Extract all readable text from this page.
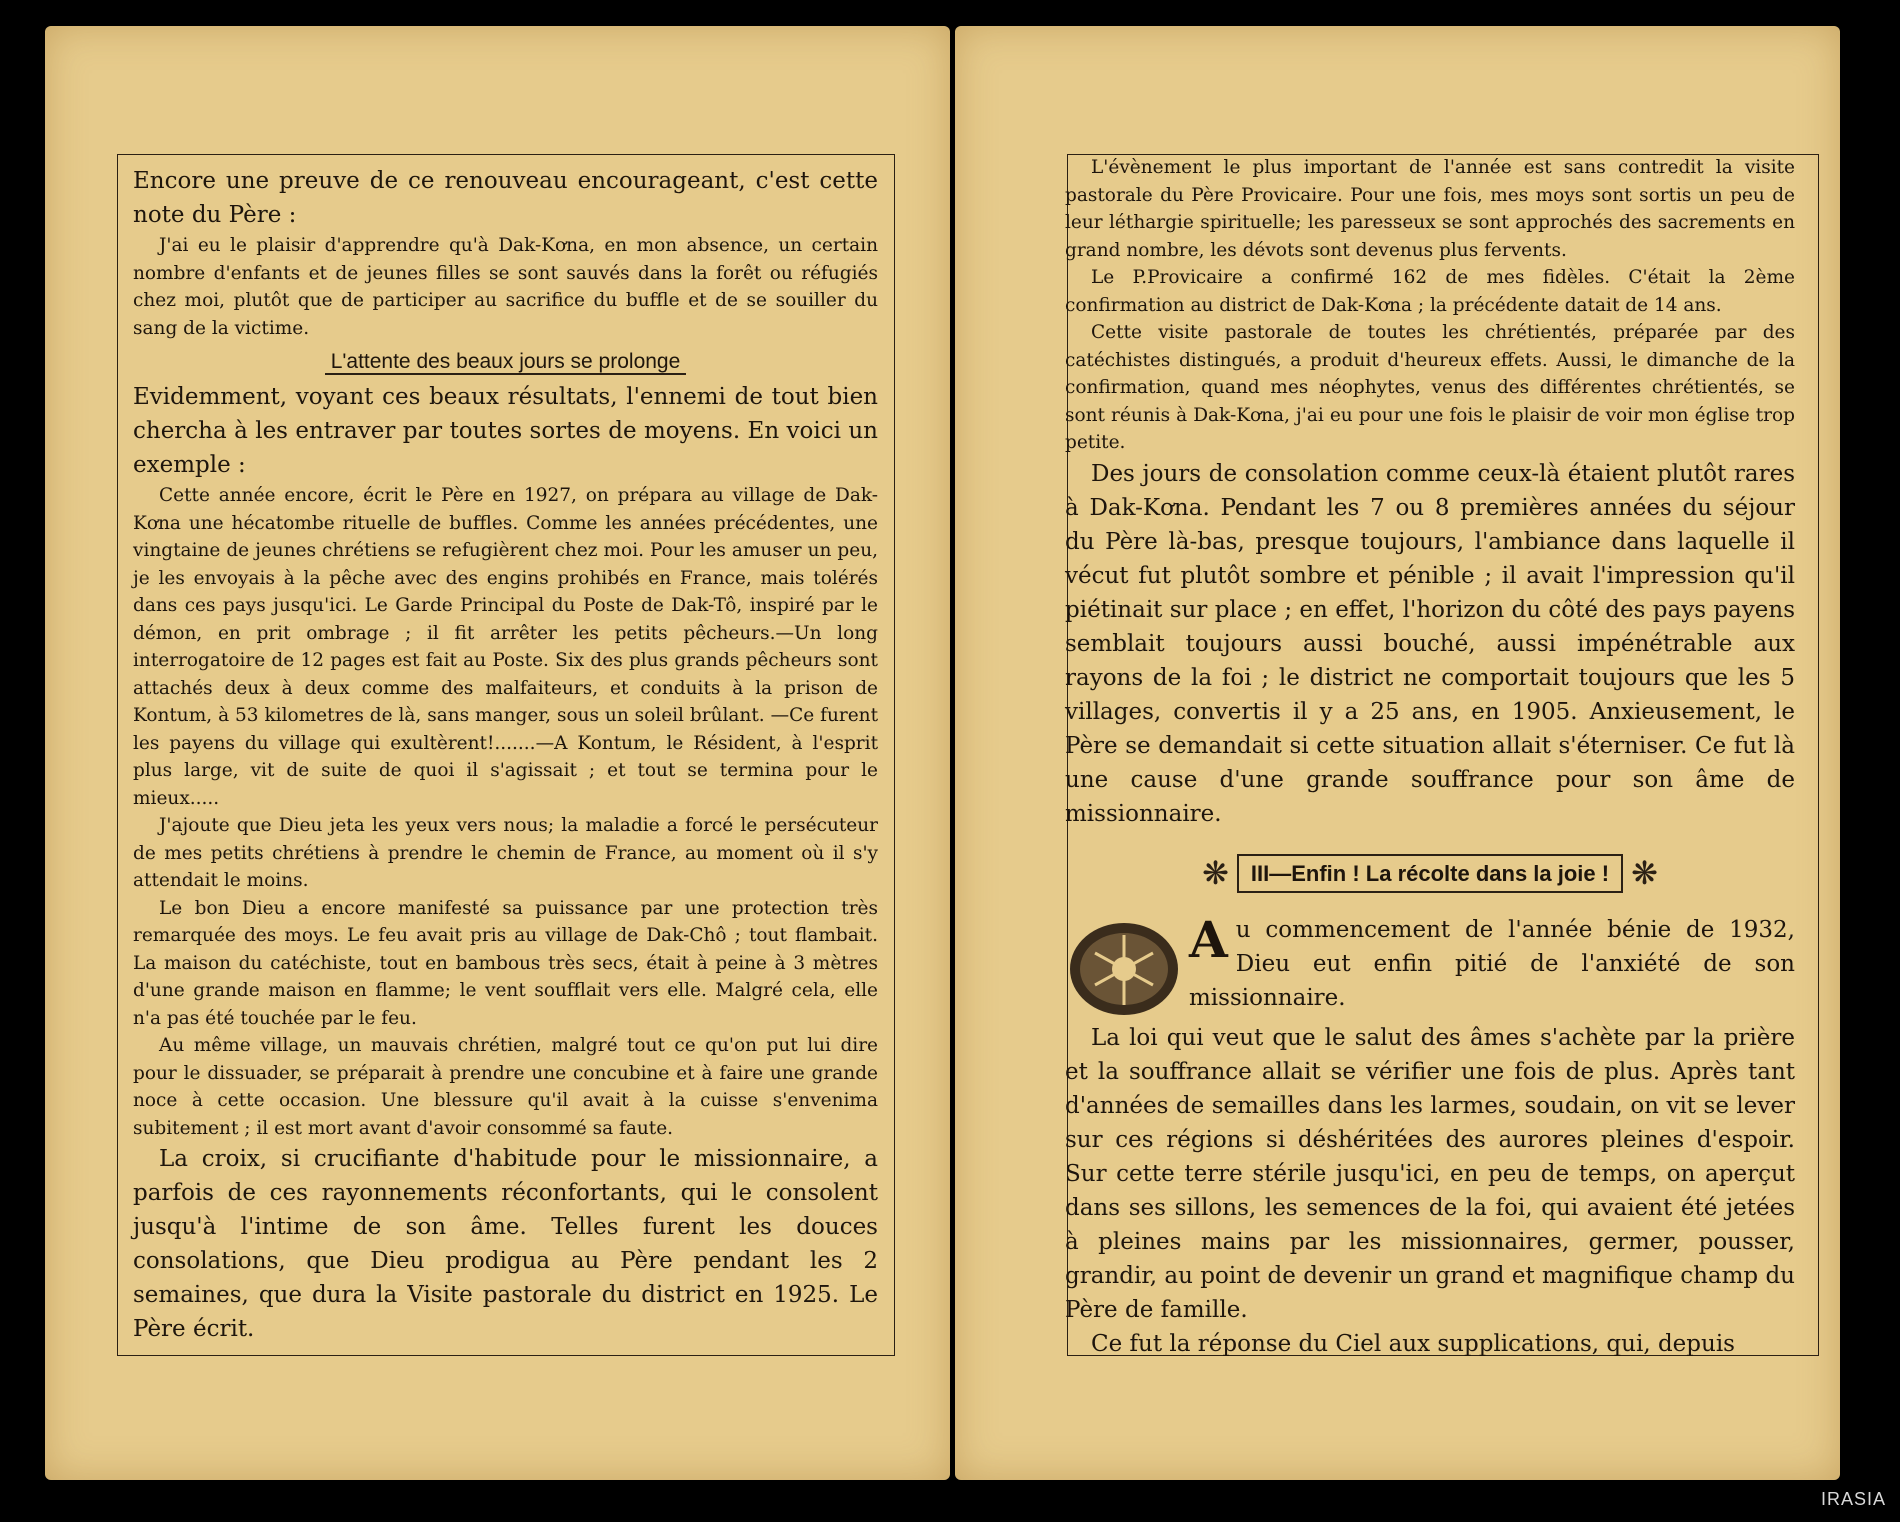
Encore une preuve de ce renouveau encourageant, c'est cette note du Père :

J'ai eu le plaisir d'apprendre qu'à Dak-Kơna, en mon absence, un certain nombre d'enfants et de jeunes filles se sont sauvés dans la forêt ou réfugiés chez moi, plutôt que de participer au sacrifice du buffle et de se souiller du sang de la victime.

L'attente des beaux jours se prolonge

Evidemment, voyant ces beaux résultats, l'ennemi de tout bien chercha à les entraver par toutes sortes de moyens. En voici un exemple :

Cette année encore, écrit le Père en 1927, on prépara au village de Dak-Kơna une hécatombe rituelle de buffles. Comme les années précédentes, une vingtaine de jeunes chrétiens se refugièrent chez moi. Pour les amuser un peu, je les envoyais à la pêche avec des engins prohibés en France, mais tolérés dans ces pays jusqu'ici. Le Garde Principal du Poste de Dak-Tô, inspiré par le démon, en prit ombrage ; il fit arrêter les petits pêcheurs.—Un long interrogatoire de 12 pages est fait au Poste. Six des plus grands pêcheurs sont attachés deux à deux comme des malfaiteurs, et conduits à la prison de Kontum, à 53 kilometres de là, sans manger, sous un soleil brûlant. —Ce furent les payens du village qui exultèrent!.......—A Kontum, le Résident, à l'esprit plus large, vit de suite de quoi il s'agissait ; et tout se termina pour le mieux.....

J'ajoute que Dieu jeta les yeux vers nous; la maladie a forcé le persécuteur de mes petits chrétiens à prendre le chemin de France, au moment où il s'y attendait le moins.

Le bon Dieu a encore manifesté sa puissance par une protection très remarquée des moys. Le feu avait pris au village de Dak-Chô ; tout flambait. La maison du catéchiste, tout en bambous très secs, était à peine à 3 mètres d'une grande maison en flamme; le vent soufflait vers elle. Malgré cela, elle n'a pas été touchée par le feu.

Au même village, un mauvais chrétien, malgré tout ce qu'on put lui dire pour le dissuader, se préparait à prendre une concubine et à faire une grande noce à cette occasion. Une blessure qu'il avait à la cuisse s'envenima subitement ; il est mort avant d'avoir consommé sa faute.

La croix, si crucifiante d'habitude pour le missionnaire, a parfois de ces rayonnements réconfortants, qui le consolent jusqu'à l'intime de son âme. Telles furent les douces consolations, que Dieu prodigua au Père pendant les 2 semaines, que dura la Visite pastorale du district en 1925. Le Père écrit.

L'évènement le plus important de l'année est sans contredit la visite pastorale du Père Provicaire. Pour une fois, mes moys sont sortis un peu de leur léthargie spirituelle; les paresseux se sont approchés des sacrements en grand nombre, les dévots sont devenus plus fervents.

Le P.Provicaire a confirmé 162 de mes fidèles. C'était la 2ème confirmation au district de Dak-Kơna ; la précédente datait de 14 ans.

Cette visite pastorale de toutes les chrétientés, préparée par des catéchistes distingués, a produit d'heureux effets. Aussi, le dimanche de la confirmation, quand mes néophytes, venus des différentes chrétientés, se sont réunis à Dak-Kơna, j'ai eu pour une fois le plaisir de voir mon église trop petite.

Des jours de consolation comme ceux-là étaient plutôt rares à Dak-Kơna. Pendant les 7 ou 8 premières années du séjour du Père là-bas, presque toujours, l'ambiance dans laquelle il vécut fut plutôt sombre et pénible ; il avait l'impression qu'il piétinait sur place ; en effet, l'horizon du côté des pays payens semblait toujours aussi bouché, aussi impénétrable aux rayons de la foi ; le district ne comportait toujours que les 5 villages, convertis il y a 25 ans, en 1905. Anxieusement, le Père se demandait si cette situation allait s'éterniser. Ce fut là une cause d'une grande souffrance pour son âme de missionnaire.

❋	III—Enfin ! La récolte dans la joie ! ❋
A u commencement de l'année bénie de 1932, Dieu eut enfin pitié de l'anxiété de son missionnaire.

La loi qui veut que le salut des âmes s'achète par la prière et la souffrance allait se vérifier une fois de plus. Après tant d'années de semailles dans les larmes, soudain, on vit se lever sur ces régions si déshéritées des aurores pleines d'espoir. Sur cette terre stérile jusqu'ici, en peu de temps, on aperçut dans ses sillons, les semences de la foi, qui avaient été jetées à pleines mains par les missionnaires, germer, pousser, grandir, au point de devenir un grand et magnifique champ du Père de famille.

Ce fut la réponse du Ciel aux supplications, qui, depuis

IRASIA
